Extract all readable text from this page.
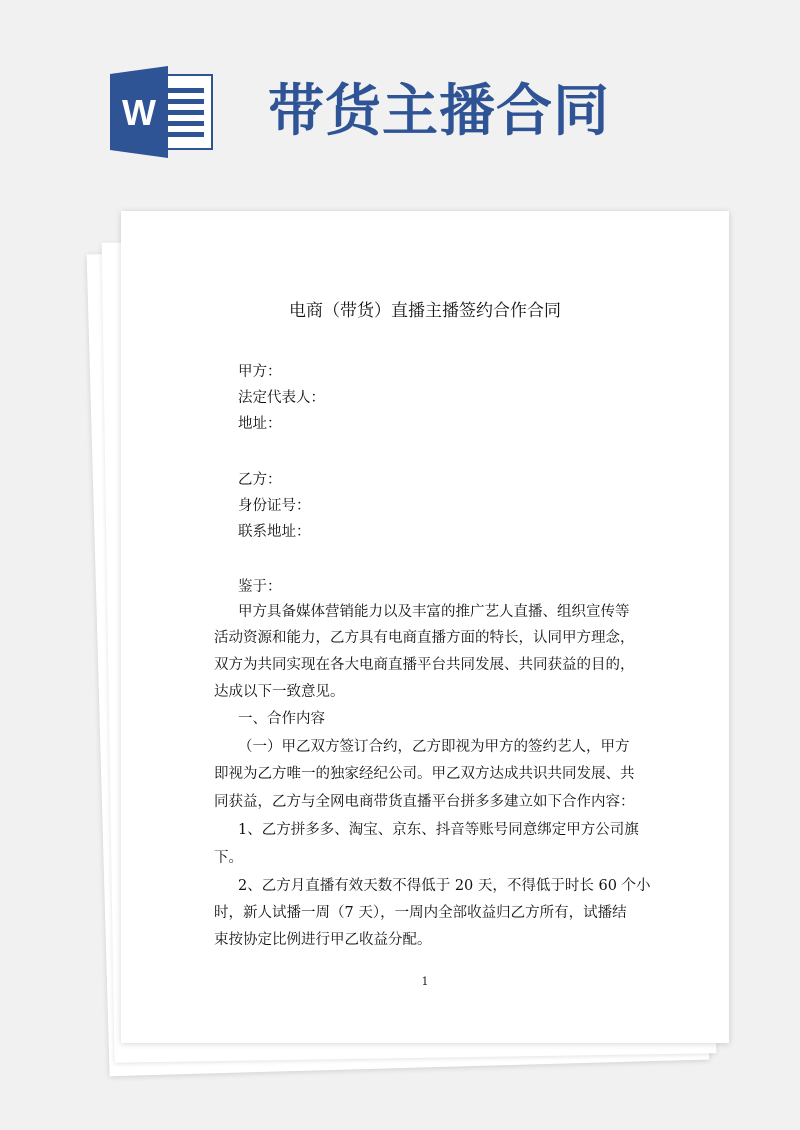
W 带货主播合同
电商（带货）直播主播签约合作合同
甲方：
法定代表人：
地址：
乙方：
身份证号：
联系地址：
鉴于：
甲方具备媒体营销能力以及丰富的推广艺人直播、组织宣传等
活动资源和能力，乙方具有电商直播方面的特长，认同甲方理念，
双方为共同实现在各大电商直播平台共同发展、共同获益的目的，
达成以下一致意见。
一、合作内容
（一）甲乙双方签订合约，乙方即视为甲方的签约艺人，甲方
即视为乙方唯一的独家经纪公司。甲乙双方达成共识共同发展、共
同获益，乙方与全网电商带货直播平台拼多多建立如下合作内容：
1、乙方拼多多、淘宝、京东、抖音等账号同意绑定甲方公司旗
下。
2、乙方月直播有效天数不得低于 20 天，不得低于时长 60 个小
时，新人试播一周（7 天），一周内全部收益归乙方所有，试播结
束按协定比例进行甲乙收益分配。
1
